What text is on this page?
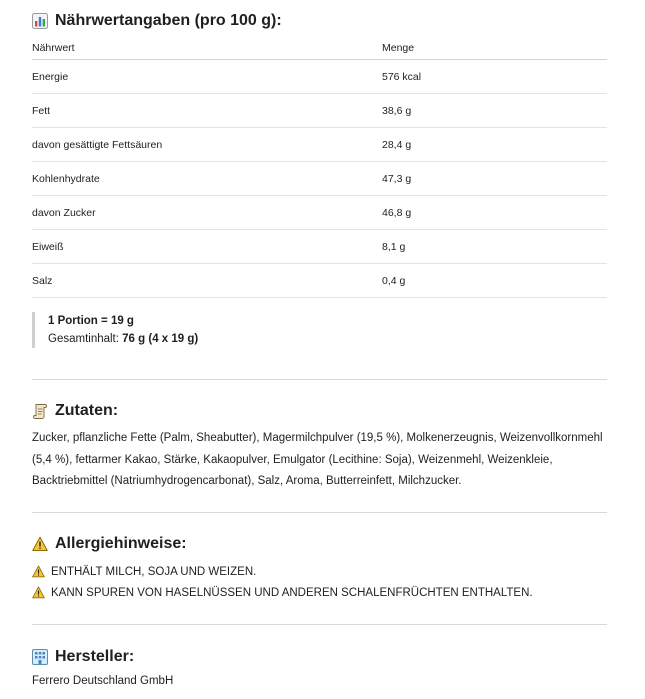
Nährwertangaben (pro 100 g):
Nährwert	Menge
Energie	576 kcal
Fett	38,6 g
davon gesättigte Fettsäuren	28,4 g
Kohlenhydrate	47,3 g
davon Zucker	46,8 g
Eiweiß	8,1 g
Salz	0,4 g
1 Portion = 19 g
Gesamtinhalt: 76 g (4 x 19 g)
Zutaten:
Zucker, pflanzliche Fette (Palm, Sheabutter), Magermilchpulver (19,5 %), Molkenerzeugnis, Weizenvollkornmehl (5,4 %), fettarmer Kakao, Stärke, Kakaopulver, Emulgator (Lecithine: Soja), Weizenmehl, Weizenkleie, Backtriebmittel (Natriumhydrogencarbonat), Salz, Aroma, Butterreinfett, Milchzucker.
Allergiehinweise:
ENTHÄLT MILCH, SOJA UND WEIZEN.
KANN SPUREN VON HASELNÜSSEN UND ANDEREN SCHALENFRÜCHTEN ENTHALTEN.
Hersteller:
Ferrero Deutschland GmbH
